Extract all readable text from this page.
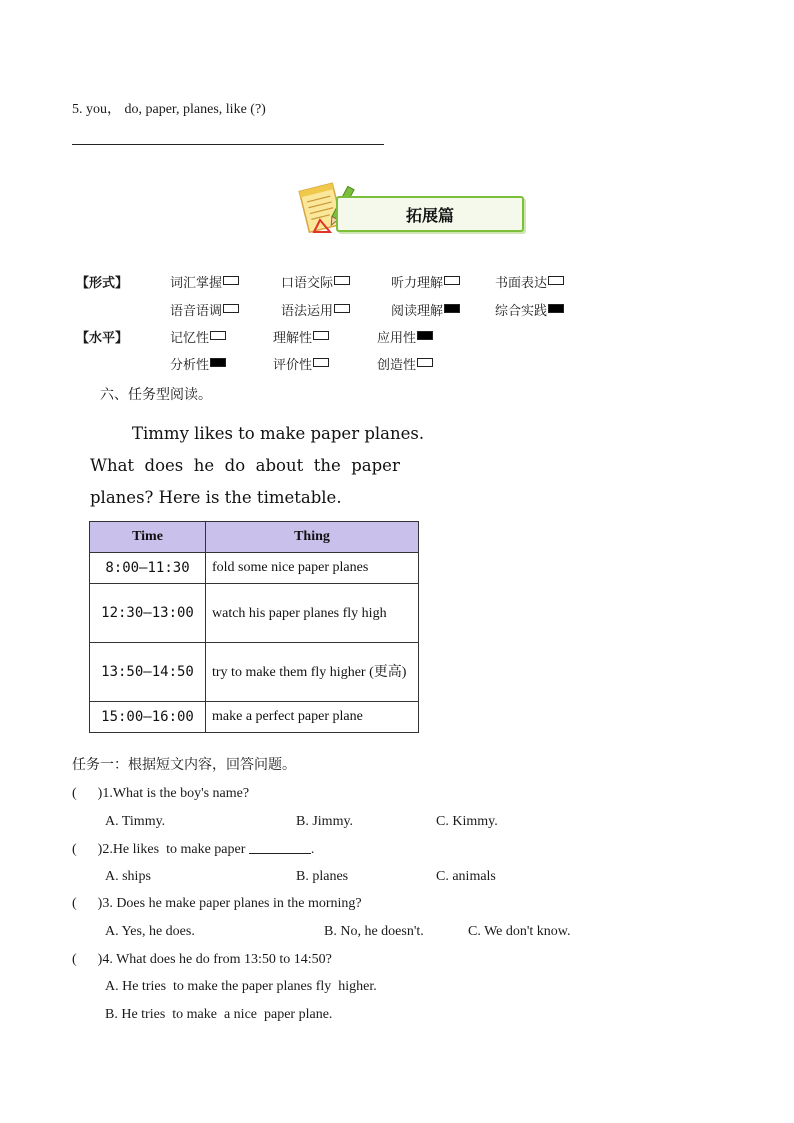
5. you， do, paper, planes, like (?)
拓展篇
【形式】	词汇掌握	口语交际	听力理解	书面表达
语音语调	语法运用	阅读理解	综合实践
【水平】	记忆性	理解性	应用性
分析性	评价性	创造性
六、任务型阅读。
Timmy likes to make paper planes.
What  does  he  do  about  the  paper
planes? Here is the timetable.
Time	Thing
8:00—11:30	fold some nice paper planes
12:30—13:00	watch his paper planes fly high
13:50—14:50	try to make them fly higher (更高)
15:00—16:00	make a perfect paper plane
任务一：根据短文内容，回答问题。
(      )1.What is the boy's name?
A. Timmy.	B. Jimmy.	C. Kimmy.
(      )2.He likes  to make paper	.
A. ships	B. planes	C. animals
(      )3. Does he make paper planes in the morning?
A. Yes, he does.	B. No, he doesn't.	C. We don't know.
(      )4. What does he do from 13:50 to 14:50?
A. He tries  to make the paper planes fly  higher.
B. He tries  to make  a nice  paper plane.
